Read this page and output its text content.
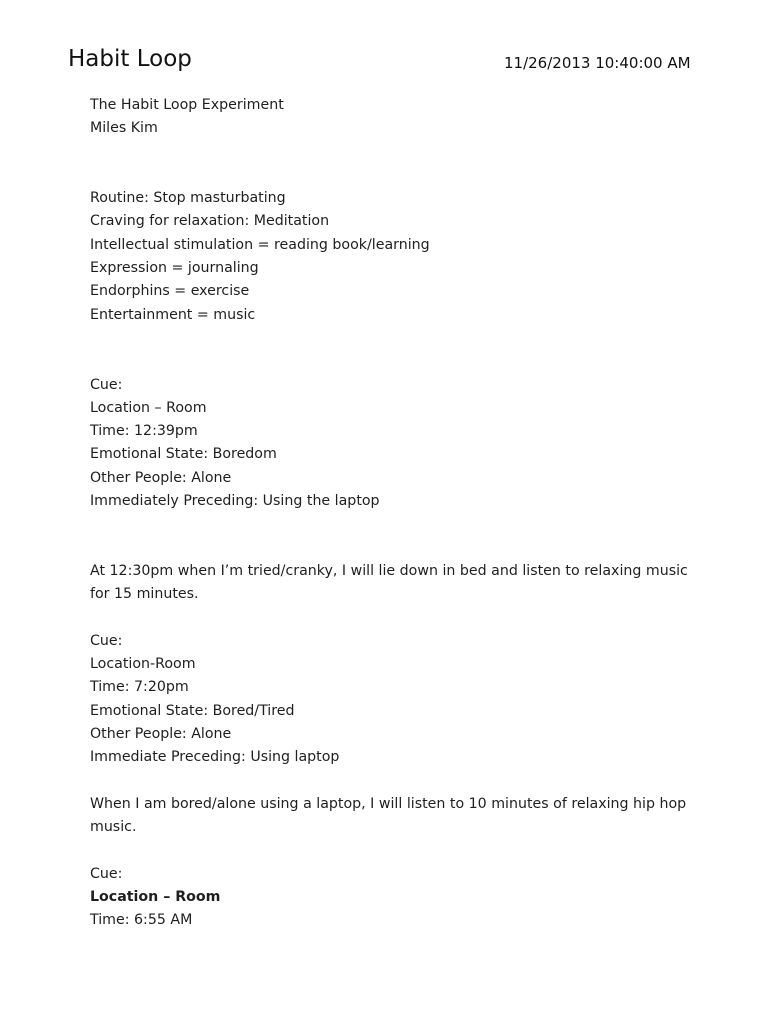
Habit Loop	11/26/2013 10:40:00 AM
The Habit Loop Experiment
Miles Kim
Routine: Stop masturbating
Craving for relaxation: Meditation
Intellectual stimulation = reading book/learning
Expression = journaling
Endorphins = exercise
Entertainment = music
Cue:
Location – Room
Time: 12:39pm
Emotional State: Boredom
Other People: Alone
Immediately Preceding: Using the laptop
At 12:30pm when I’m tried/cranky, I will lie down in bed and listen to relaxing music for 15 minutes.
Cue:
Location-Room
Time: 7:20pm
Emotional State: Bored/Tired
Other People: Alone
Immediate Preceding: Using laptop
When I am bored/alone using a laptop, I will listen to 10 minutes of relaxing hip hop music.
Cue:
Location – Room
Time: 6:55 AM
